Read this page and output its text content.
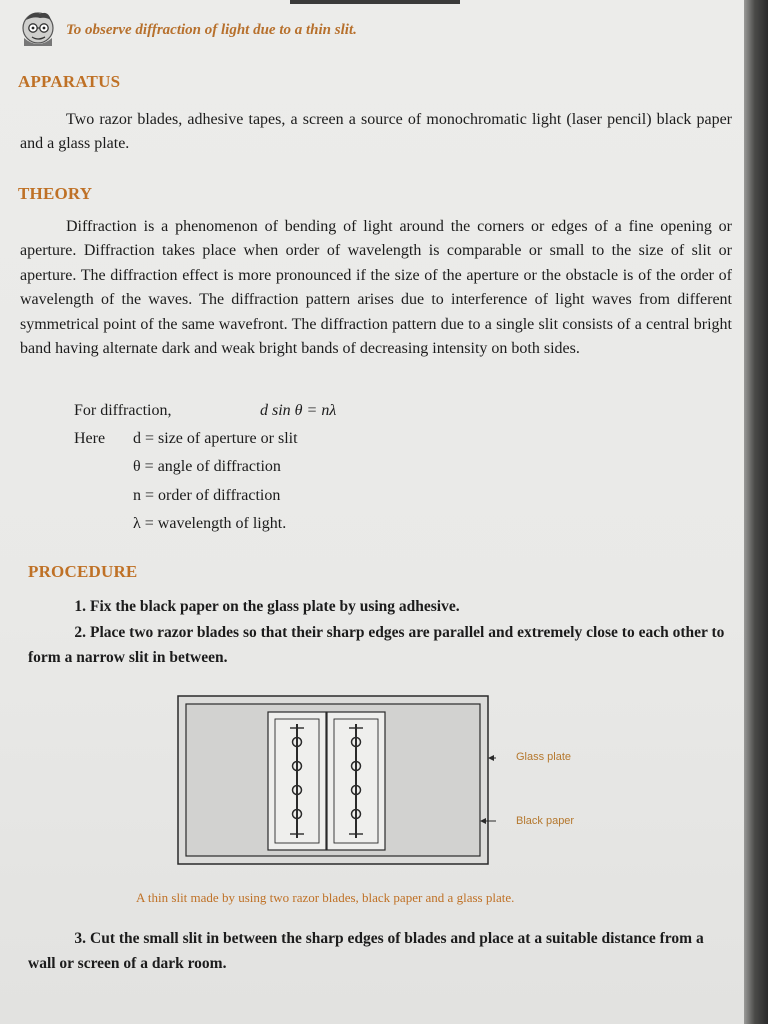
To observe diffraction of light due to a thin slit.
APPARATUS
Two razor blades, adhesive tapes, a screen a source of monochromatic light (laser pencil) black paper and a glass plate.
THEORY
Diffraction is a phenomenon of bending of light around the corners or edges of a fine opening or aperture. Diffraction takes place when order of wavelength is comparable or small to the size of slit or aperture. The diffraction effect is more pronounced if the size of the aperture or the obstacle is of the order of wavelength of the waves. The diffraction pattern arises due to interference of light waves from different symmetrical point of the same wavefront. The diffraction pattern due to a single slit consists of a central bright band having alternate dark and weak bright bands of decreasing intensity on both sides.
For diffraction,	d sin θ = nλ
Here d = size of aperture or slit
θ = angle of diffraction
n = order of diffraction
λ = wavelength of light.
PROCEDURE
1. Fix the black paper on the glass plate by using adhesive.
2. Place two razor blades so that their sharp edges are parallel and extremely close to each other to form a narrow slit in between.
Glass plate
Black paper
A thin slit made by using two razor blades, black paper and a glass plate.
3. Cut the small slit in between the sharp edges of blades and place at a suitable distance from a wall or screen of a dark room.
